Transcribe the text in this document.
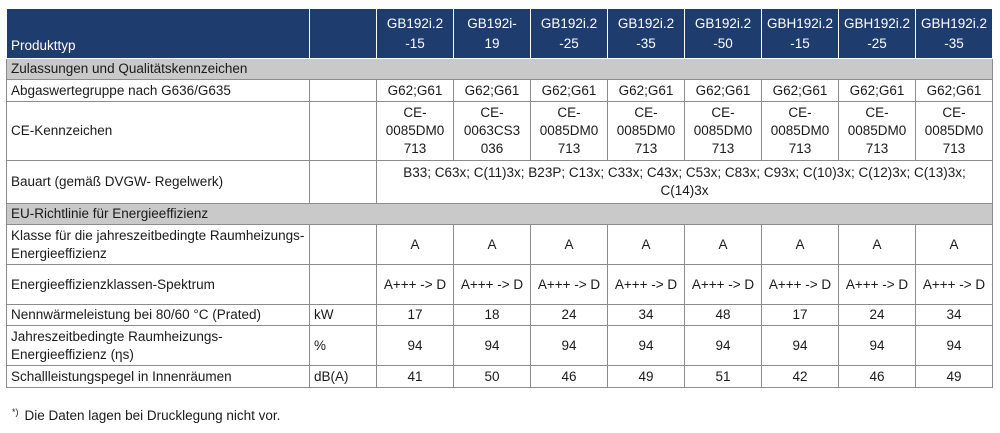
Produkttyp		GB192i.2 -15	GB192i- 19	GB192i.2 -25	GB192i.2 -35	GB192i.2 -50	GBH192i.2 -15	GBH192i.2 -25	GBH192i.2 -35
Zulassungen und Qualitätskennzeichen									
Abgaswertegruppe nach G636/G635		G62;G61	G62;G61	G62;G61	G62;G61	G62;G61	G62;G61	G62;G61	G62;G61
CE-Kennzeichen		CE- 0085DM0 713	CE- 0063CS3 036	CE- 0085DM0 713	CE- 0085DM0 713	CE- 0085DM0 713	CE- 0085DM0 713	CE- 0085DM0 713	CE- 0085DM0 713
Bauart (gemäß DVGW- Regelwerk)		B33; C63x; C(11)3x; B23P; C13x; C33x; C43x; C53x; C83x; C93x; C(10)3x; C(12)3x; C(13)3x; C(14)3x							
EU-Richtlinie für Energieeffizienz									
Klasse für die jahreszeitbedingte Raumheizungs-Energieeffizienz		A	A	A	A	A	A	A	A
Energieeffizienzklassen-Spektrum		A+++ -> D	A+++ -> D	A+++ -> D	A+++ -> D	A+++ -> D	A+++ -> D	A+++ -> D	A+++ -> D
Nennwärmeleistung bei 80/60 °C (Prated)	kW	17	18	24	34	48	17	24	34
Jahreszeitbedingte Raumheizungs-Energieeffizienz (ηs)	%	94	94	94	94	94	94	94	94
Schallleistungspegel in Innenräumen	dB(A)	41	50	46	49	51	42	46	49
*) Die Daten lagen bei Drucklegung nicht vor.
